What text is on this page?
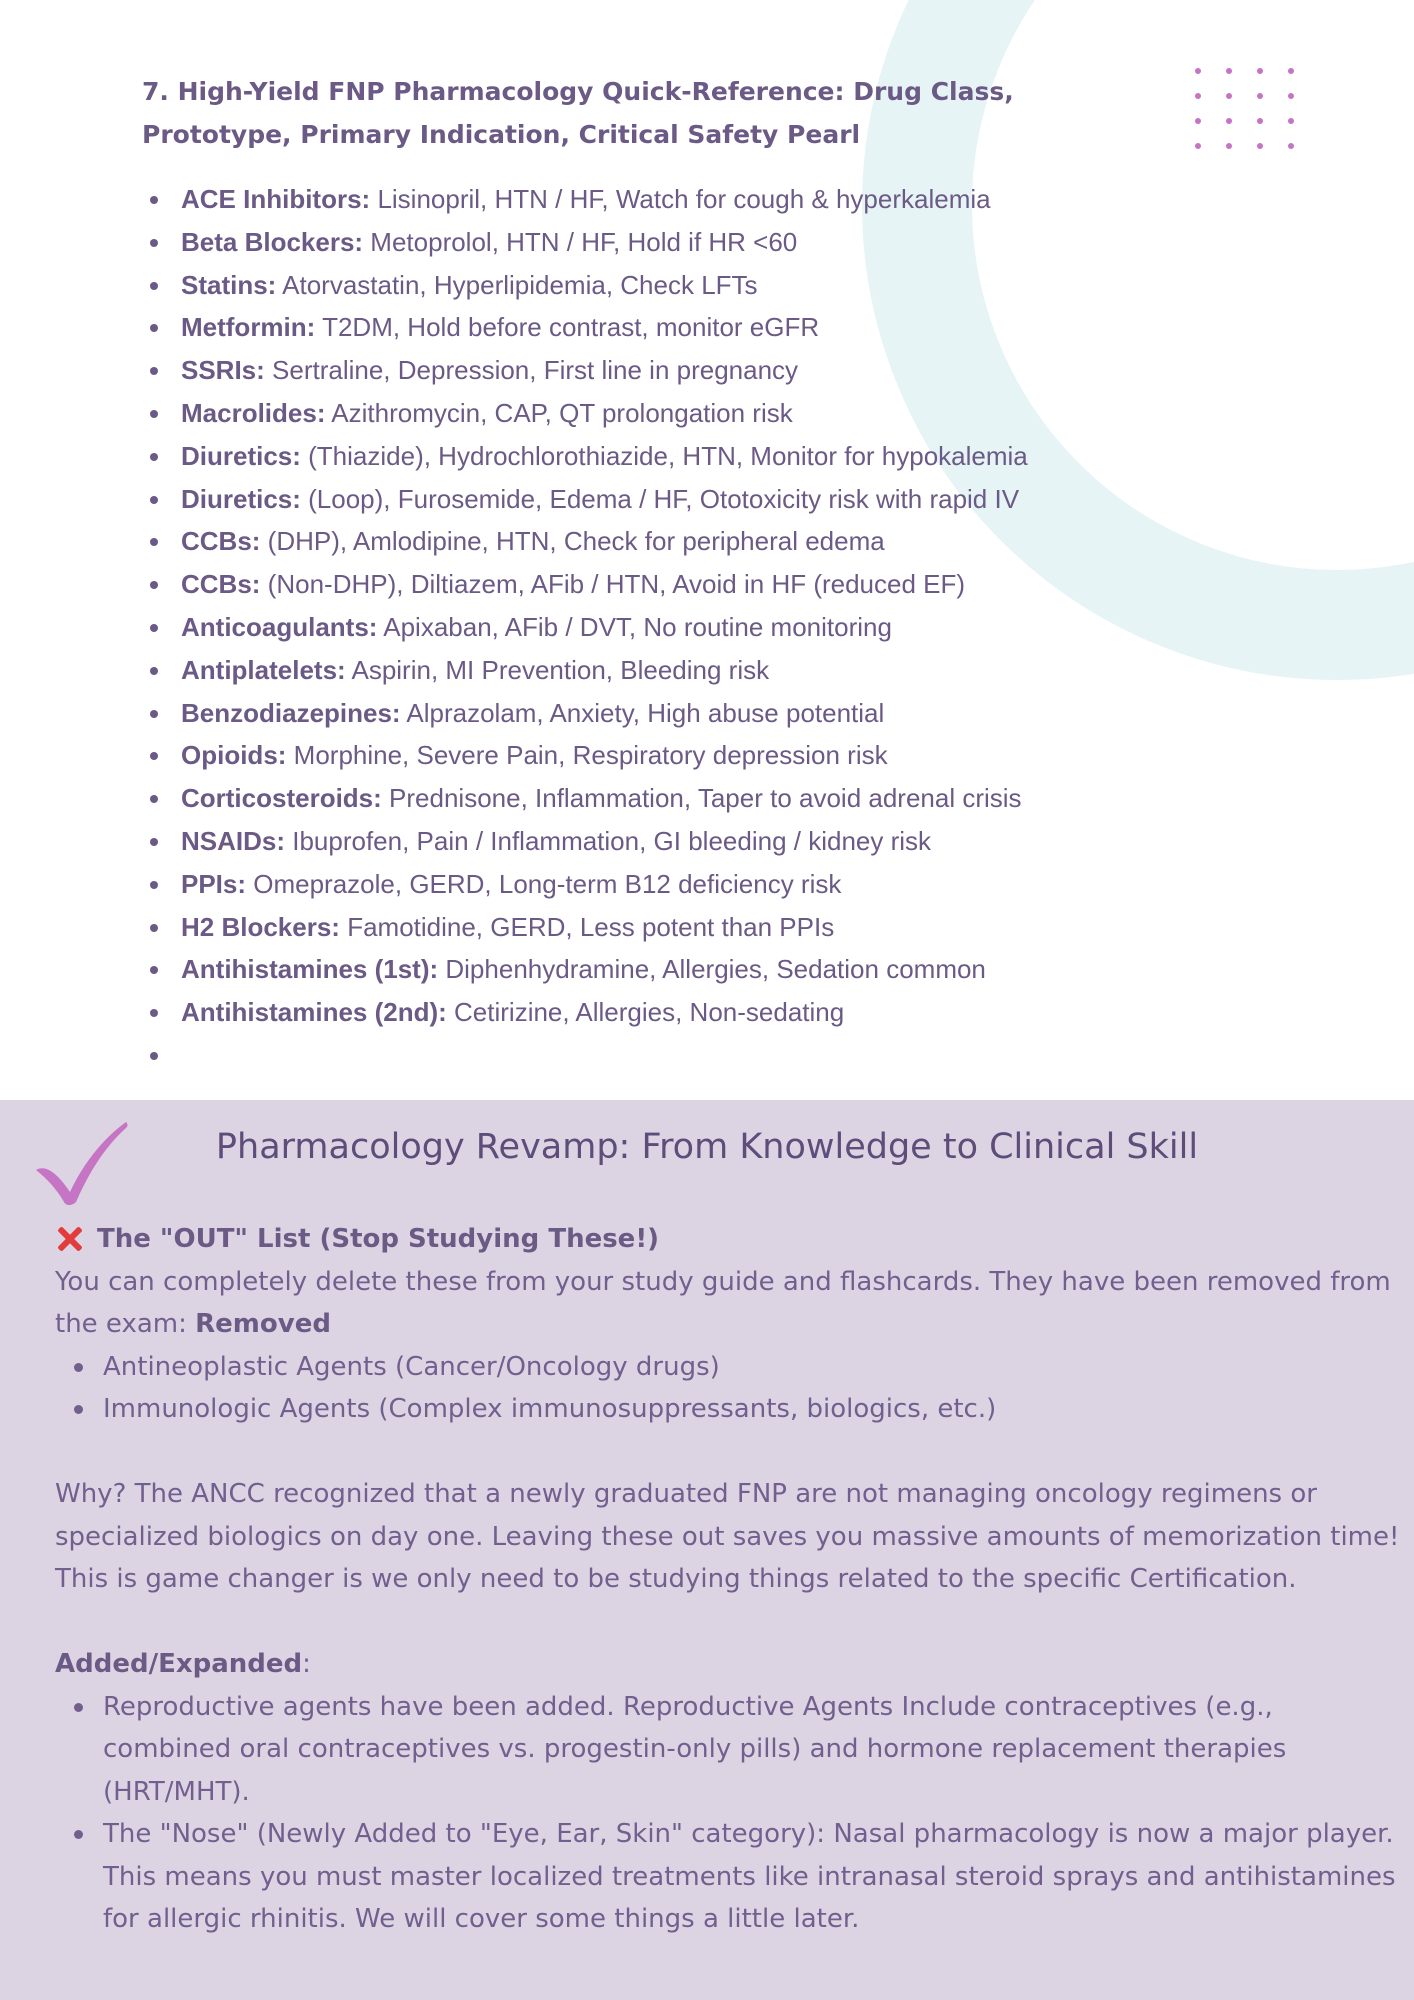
7. High-Yield FNP Pharmacology Quick-Reference: Drug Class, Prototype, Primary Indication, Critical Safety Pearl
ACE Inhibitors: Lisinopril, HTN / HF, Watch for cough & hyperkalemia
Beta Blockers: Metoprolol, HTN / HF, Hold if HR <60
Statins: Atorvastatin, Hyperlipidemia, Check LFTs
Metformin: T2DM, Hold before contrast, monitor eGFR
SSRIs: Sertraline, Depression, First line in pregnancy
Macrolides: Azithromycin, CAP, QT prolongation risk
Diuretics: (Thiazide), Hydrochlorothiazide, HTN, Monitor for hypokalemia
Diuretics: (Loop), Furosemide, Edema / HF, Ototoxicity risk with rapid IV
CCBs: (DHP), Amlodipine, HTN, Check for peripheral edema
CCBs: (Non-DHP), Diltiazem, AFib / HTN, Avoid in HF (reduced EF)
Anticoagulants: Apixaban, AFib / DVT, No routine monitoring
Antiplatelets: Aspirin, MI Prevention, Bleeding risk
Benzodiazepines: Alprazolam, Anxiety, High abuse potential
Opioids: Morphine, Severe Pain, Respiratory depression risk
Corticosteroids: Prednisone, Inflammation, Taper to avoid adrenal crisis
NSAIDs: Ibuprofen, Pain / Inflammation, GI bleeding / kidney risk
PPIs: Omeprazole, GERD, Long-term B12 deficiency risk
H2 Blockers: Famotidine, GERD, Less potent than PPIs
Antihistamines (1st): Diphenhydramine, Allergies, Sedation common
Antihistamines (2nd): Cetirizine, Allergies, Non-sedating
Pharmacology Revamp: From Knowledge to Clinical Skill

The "OUT" List (Stop Studying These!)

You can completely delete these from your study guide and flashcards. They have been removed from the exam: Removed

Antineoplastic Agents (Cancer/Oncology drugs)
Immunologic Agents (Complex immunosuppressants, biologics, etc.)

Why? The ANCC recognized that a newly graduated FNP are not managing oncology regimens or specialized biologics on day one. Leaving these out saves you massive amounts of memorization time! This is game changer is we only need to be studying things related to the specific Certification.

Added/Expanded:

Reproductive agents have been added. Reproductive Agents Include contraceptives (e.g., combined oral contraceptives vs. progestin-only pills) and hormone replacement therapies (HRT/MHT).
The "Nose" (Newly Added to "Eye, Ear, Skin" category): Nasal pharmacology is now a major player. This means you must master localized treatments like intranasal steroid sprays and antihistamines for allergic rhinitis. We will cover some things a little later.
